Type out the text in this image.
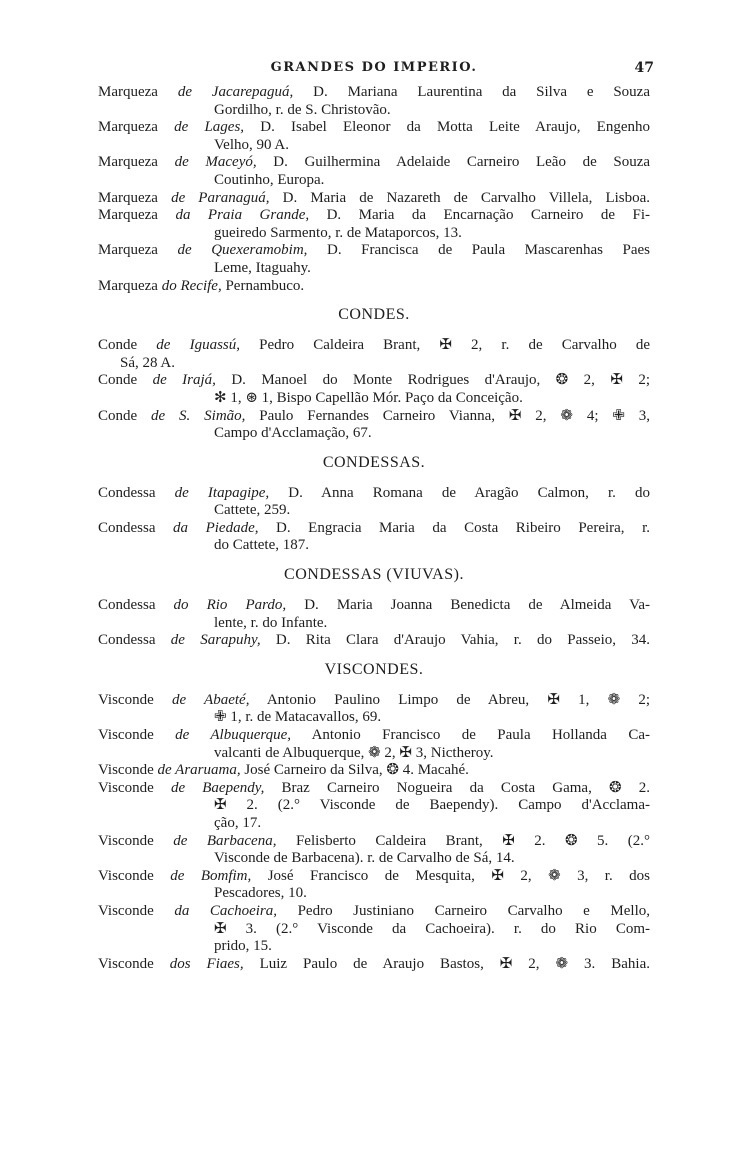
GRANDES DO IMPERIO.	47
Marqueza de Jacarepaguá, D. Mariana Laurentina da Silva e Souza
Gordilho, r. de S. Christovão.
Marqueza de Lages, D. Isabel Eleonor da Motta Leite Araujo, Engenho
Velho, 90 A.
Marqueza de Maceyó, D. Guilhermina Adelaide Carneiro Leão de Souza
Coutinho, Europa.
Marqueza de Paranaguá, D. Maria de Nazareth de Carvalho Villela, Lisboa.
Marqueza da Praia Grande, D. Maria da Encarnação Carneiro de Fi-
gueiredo Sarmento, r. de Mataporcos, 13.
Marqueza de Quexeramobim, D. Francisca de Paula Mascarenhas Paes
Leme, Itaguahy.
Marqueza do Recife, Pernambuco.
CONDES.
Conde de Iguassú, Pedro Caldeira Brant, ✠ 2, r. de Carvalho de
Sá, 28 A.
Conde de Irajá, D. Manoel do Monte Rodrigues d'Araujo, ❂ 2, ✠ 2;
✻ 1, ⊛ 1, Bispo Capellão Mór. Paço da Conceição.
Conde de S. Simão, Paulo Fernandes Carneiro Vianna, ✠ 2, ❁ 4; ✙ 3,
Campo d'Acclamação, 67.
CONDESSAS.
Condessa de Itapagipe, D. Anna Romana de Aragão Calmon, r. do
Cattete, 259.
Condessa da Piedade, D. Engracia Maria da Costa Ribeiro Pereira, r.
do Cattete, 187.
CONDESSAS (VIUVAS).
Condessa do Rio Pardo, D. Maria Joanna Benedicta de Almeida Va-
lente, r. do Infante.
Condessa de Sarapuhy, D. Rita Clara d'Araujo Vahia, r. do Passeio, 34.
VISCONDES.
Visconde de Abaeté, Antonio Paulino Limpo de Abreu, ✠ 1, ❁ 2;
✙ 1, r. de Matacavallos, 69.
Visconde de Albuquerque, Antonio Francisco de Paula Hollanda Ca-
valcanti de Albuquerque, ❁ 2, ✠ 3, Nictheroy.
Visconde de Araruama, José Carneiro da Silva, ❂ 4. Macahé.
Visconde de Baependy, Braz Carneiro Nogueira da Costa Gama, ❂ 2.
✠ 2. (2.° Visconde de Baependy). Campo d'Acclama-
ção, 17.
Visconde de Barbacena, Felisberto Caldeira Brant, ✠ 2. ❂ 5. (2.°
Visconde de Barbacena). r. de Carvalho de Sá, 14.
Visconde de Bomfim, José Francisco de Mesquita, ✠ 2, ❁ 3, r. dos
Pescadores, 10.
Visconde da Cachoeira, Pedro Justiniano Carneiro Carvalho e Mello,
✠ 3. (2.° Visconde da Cachoeira). r. do Rio Com-
prido, 15.
Visconde dos Fiaes, Luiz Paulo de Araujo Bastos, ✠ 2, ❁ 3. Bahia.
